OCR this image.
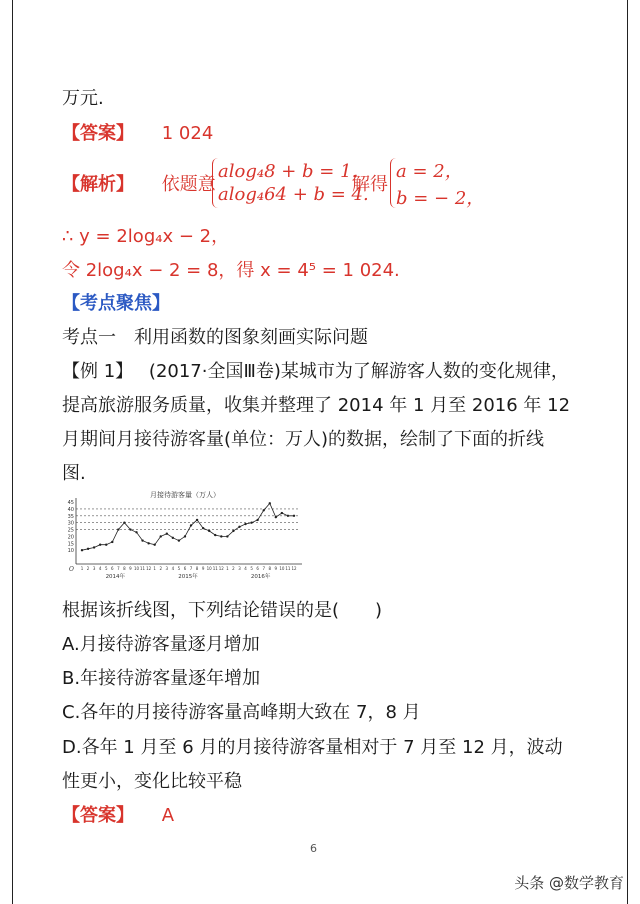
万元.
【答案】 1 024
【解析】 依题意
alog₄8 + b = 1，
alog₄64 + b = 4.
解得
a = 2，
b = − 2，
∴ y = 2log₄x − 2，
令 2log₄x − 2 = 8，得 x = 4⁵ = 1 024.
【考点聚焦】
考点一　利用函数的图象刻画实际问题
【例 1】 (2017·全国Ⅲ卷)某城市为了解游客人数的变化规律，
提高旅游服务质量，收集并整理了 2014 年 1 月至 2016 年 12
月期间月接待游客量(单位：万人)的数据，绘制了下面的折线
图.
月接待游客量（万人）
10
15
20
25
30
35
40
45
O 1 2 3 4 5 6 7 8 9 10 11 12 1 2 3 4 5 6 7 8 9 10 11 12 1 2 3 4 5 6 7 8 9 10 11 12
2014年	2015年	2016年
根据该折线图，下列结论错误的是(　　)
A.月接待游客量逐月增加
B.年接待游客量逐年增加
C.各年的月接待游客量高峰期大致在 7，8 月
D.各年 1 月至 6 月的月接待游客量相对于 7 月至 12 月，波动
性更小，变化比较平稳
【答案】 A
6
头条 @数学教育
